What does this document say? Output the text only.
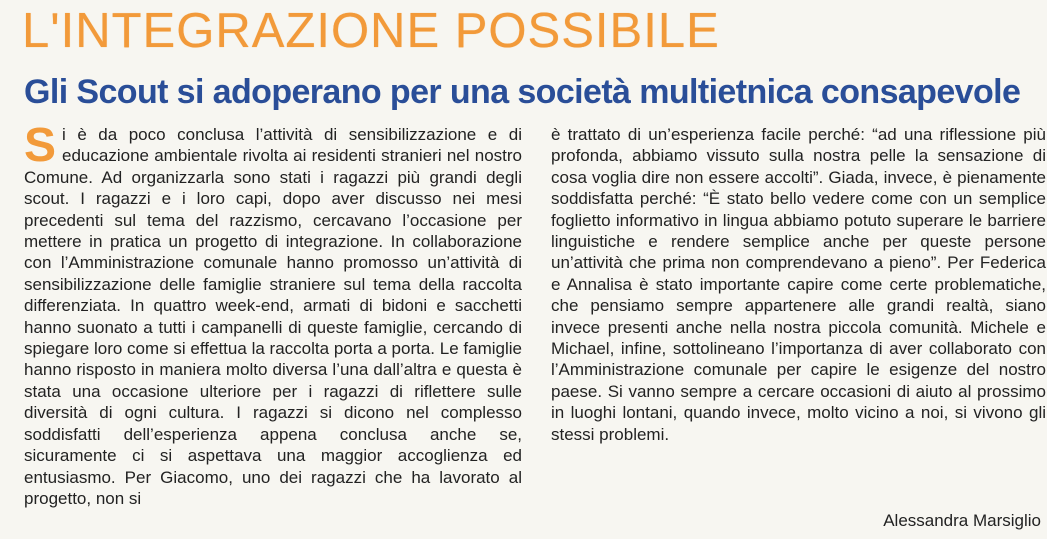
L'INTEGRAZIONE POSSIBILE
Gli Scout si adoperano per una società multietnica consapevole
S i è da poco conclusa l’attività di sensibilizzazione e di educazione ambientale rivolta ai residenti stranieri nel nostro Comune. Ad organizzarla sono stati i ragazzi più grandi degli scout. I ragazzi e i loro capi, dopo aver discusso nei mesi precedenti sul tema del razzismo, cercavano l’occasione per mettere in pratica un progetto di integrazione. In collaborazione con l’Amministrazione comunale hanno promosso un’attività di sensibilizzazione delle famiglie straniere sul tema della raccolta differenziata. In quattro week-end, armati di bidoni e sacchetti hanno suonato a tutti i campanelli di queste famiglie, cercando di spiegare loro come si effettua la raccolta porta a porta. Le famiglie hanno risposto in maniera molto diversa l’una dall’altra e questa è stata una occasione ulteriore per i ragazzi di riflettere sulle diversità di ogni cultura. I ragazzi si dicono nel complesso soddisfatti dell’esperienza appena conclusa anche se, sicuramente ci si aspettava una maggior accoglienza ed entusiasmo. Per Giacomo, uno dei ragazzi che ha lavorato al progetto, non si

è trattato di un’esperienza facile perché: “ad una riflessione più profonda, abbiamo vissuto sulla nostra pelle la sensazione di cosa voglia dire non essere accolti”. Giada, invece, è pienamente soddisfatta perché: “È stato bello vedere come con un semplice foglietto informativo in lingua abbiamo potuto superare le barriere linguistiche e rendere semplice anche per queste persone un’attività che prima non comprendevano a pieno”. Per Federica e Annalisa è stato importante capire come certe problematiche, che pensiamo sempre appartenere alle grandi realtà, siano invece presenti anche nella nostra piccola comunità. Michele e Michael, infine, sottolineano l’importanza di aver collaborato con l’Amministrazione comunale per capire le esigenze del nostro paese. Si vanno sempre a cercare occasioni di aiuto al prossimo in luoghi lontani, quando invece, molto vicino a noi, si vivono gli stessi problemi.

Alessandra Marsiglio
